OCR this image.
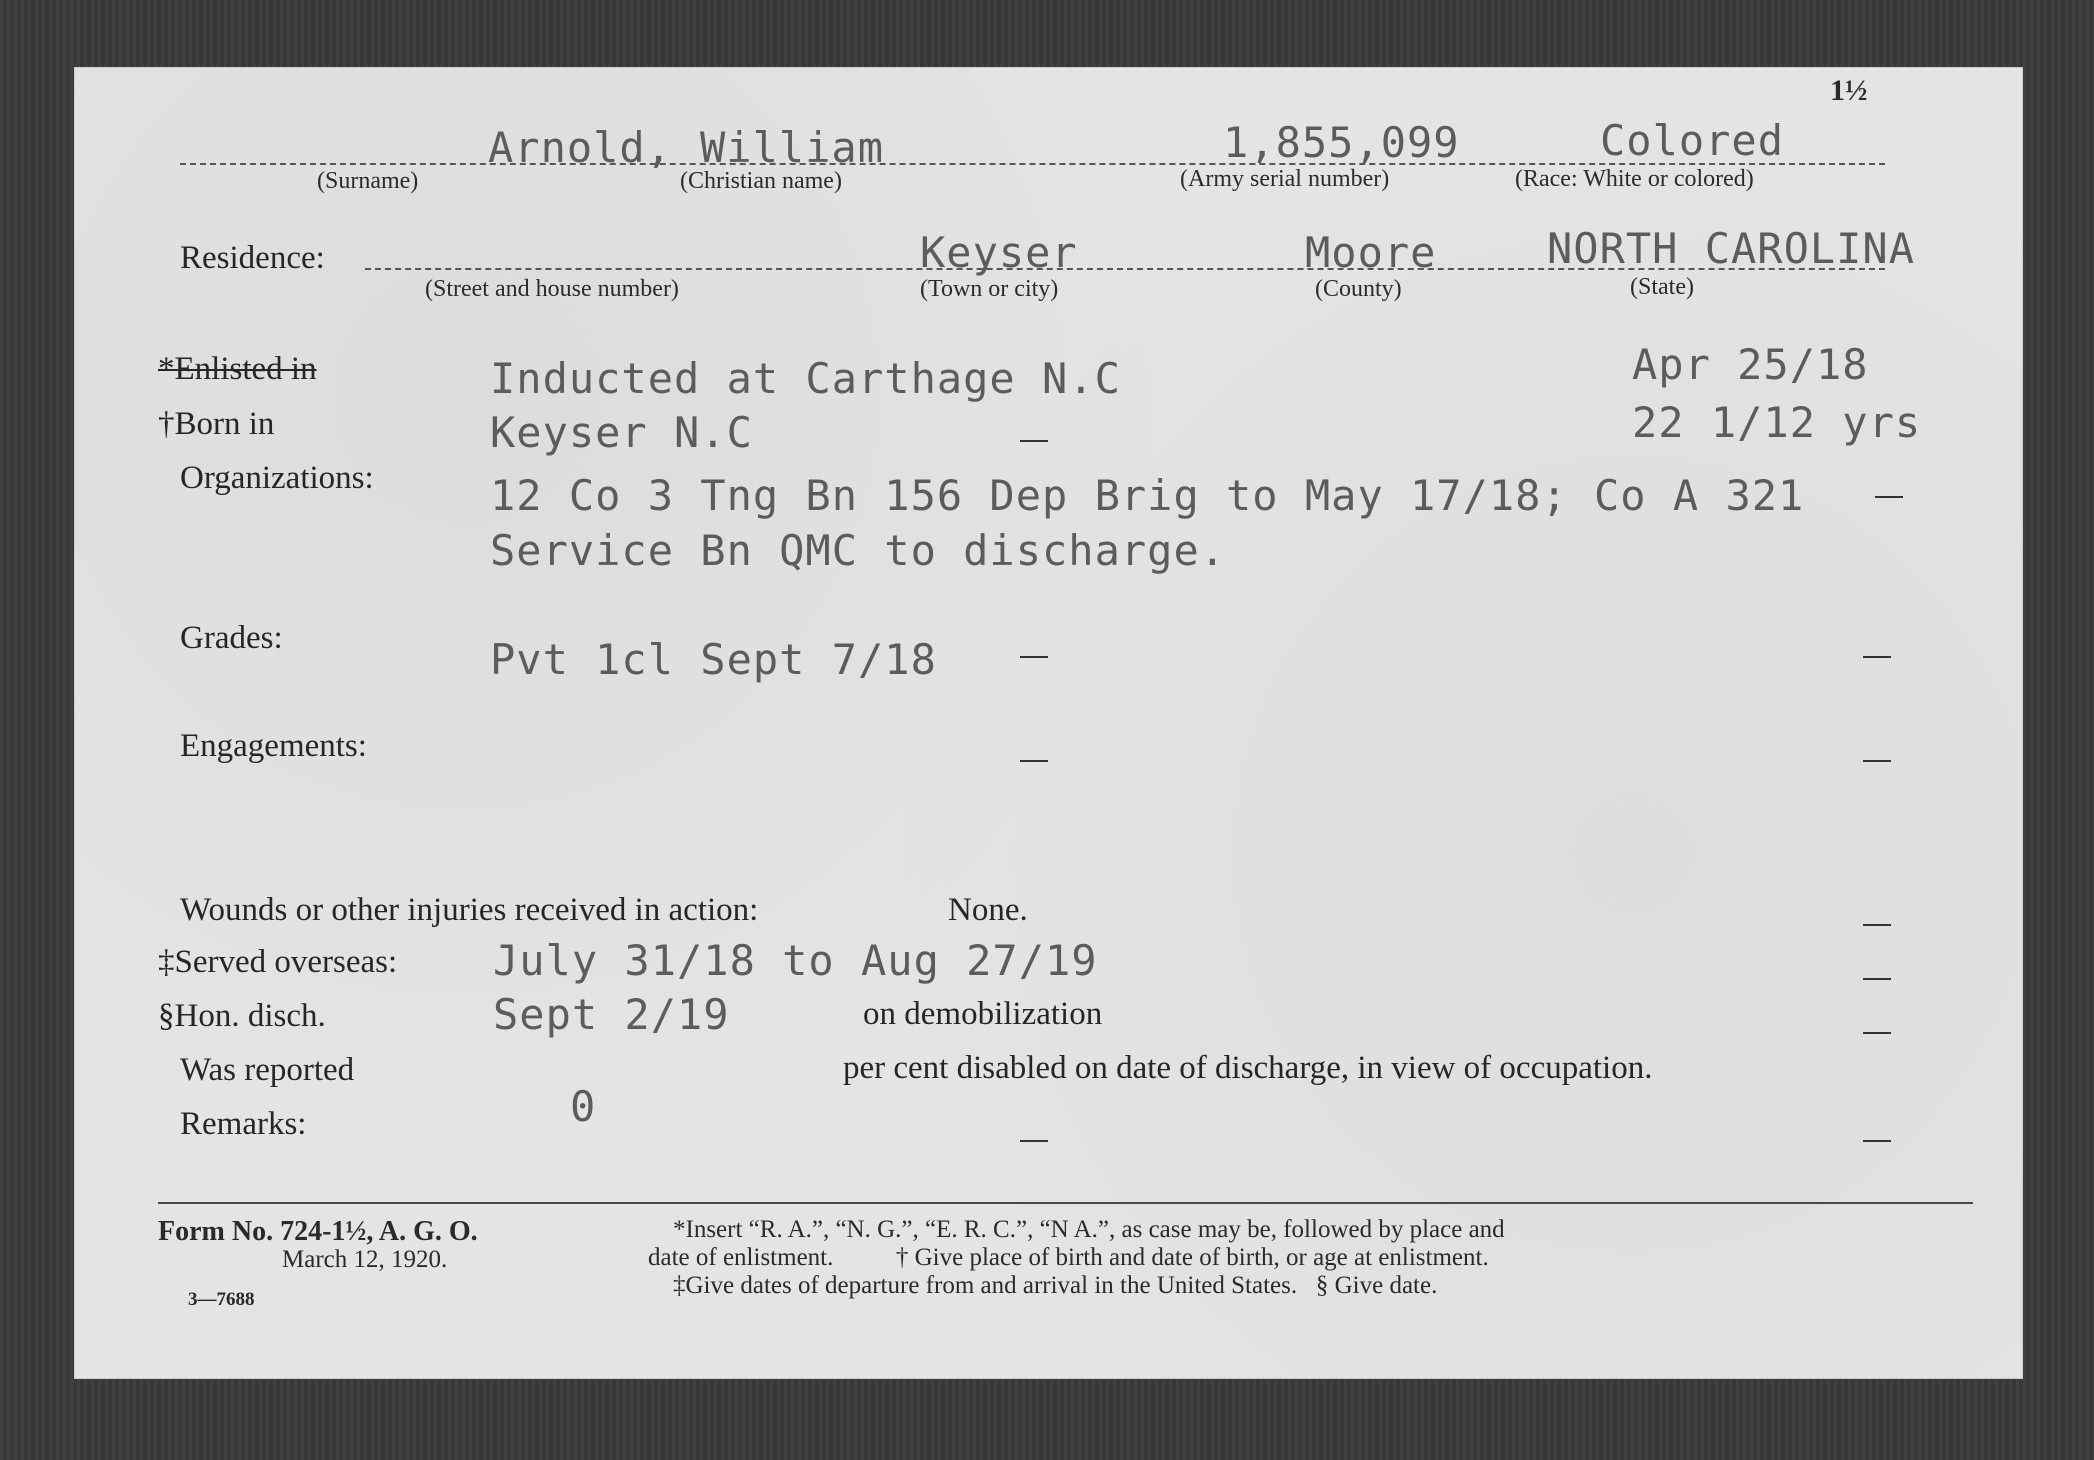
1½
Arnold, William	1,855,099	Colored
(Surname)	(Christian name)	(Army serial number)	(Race: White or colored)
Residence:	Keyser	Moore	NORTH CAROLINA
(Street and house number)	(Town or city)	(County)	(State)
*Enlisted in	Inducted at Carthage N.C	Apr 25/18
†Born in	Keyser N.C	22 1/12 yrs
Organizations:	12 Co 3 Tng Bn 156 Dep Brig to May 17/18; Co A 321
Service Bn QMC to discharge.
Grades:	Pvt 1cl Sept 7/18
Engagements:
Wounds or other injuries received in action:	None.
‡Served overseas: July 31/18 to Aug 27/19
§Hon. disch.	Sept 2/19	on demobilization
Was reported
0
per cent disabled on date of discharge, in view of occupation.
Remarks:
Form No. 724-1½, A. G. O.
March 12, 1920.
3—7688
*Insert “R. A.”, “N. G.”, “E. R. C.”, “N A.”, as case may be, followed by place and
date of enlistment.          † Give place of birth and date of birth, or age at enlistment.
‡Give dates of departure from and arrival in the United States.   § Give date.
